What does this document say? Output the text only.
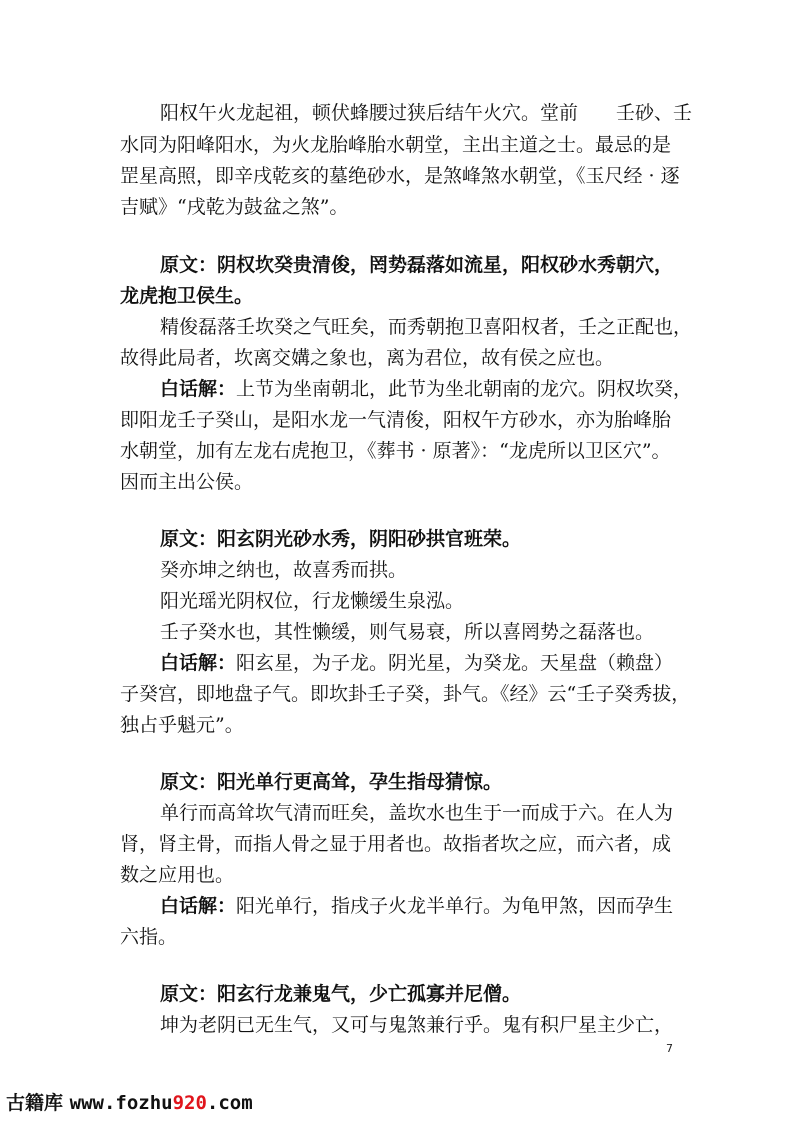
阳权午火龙起祖，顿伏蜂腰过狭后结午火穴。堂前　　壬砂、壬
水同为阳峰阳水，为火龙胎峰胎水朝堂，主出主道之士。最忌的是
罡星高照，即辛戌乾亥的墓绝砂水，是煞峰煞水朝堂，《玉尺经 · 逐
吉赋》“戌乾为鼓盆之煞”。
原文：阴权坎癸贵清俊，罔势磊落如流星，阳权砂水秀朝穴，
龙虎抱卫侯生。
精俊磊落壬坎癸之气旺矣，而秀朝抱卫喜阳权者，壬之正配也，
故得此局者，坎离交媾之象也，离为君位，故有侯之应也。
白话解：上节为坐南朝北，此节为坐北朝南的龙穴。阴权坎癸，
即阳龙壬子癸山，是阳水龙一气清俊，阳权午方砂水，亦为胎峰胎
水朝堂，加有左龙右虎抱卫，《葬书 · 原著》：“龙虎所以卫区穴”。
因而主出公侯。
原文：阳玄阴光砂水秀，阴阳砂拱官班荣。
癸亦坤之纳也，故喜秀而拱。
阳光瑶光阴权位，行龙懒缓生泉泓。
壬子癸水也，其性懒缓，则气易衰，所以喜罔势之磊落也。
白话解：阳玄星，为子龙。阴光星，为癸龙。天星盘（赖盘）
子癸宫，即地盘子气。即坎卦壬子癸，卦气。《经》云“壬子癸秀拔，
独占乎魁元”。
原文：阳光单行更高耸，孕生指母猜惊。
单行而高耸坎气清而旺矣，盖坎水也生于一而成于六。在人为
肾，肾主骨，而指人骨之显于用者也。故指者坎之应，而六者，成
数之应用也。
白话解：阳光单行，指戌子火龙半单行。为龟甲煞，因而孕生
六指。
原文：阳玄行龙兼鬼气，少亡孤寡并尼僧。
坤为老阴已无生气，又可与鬼煞兼行乎。鬼有积尸星主少亡，
7
古籍库 www.fozhu920.com
